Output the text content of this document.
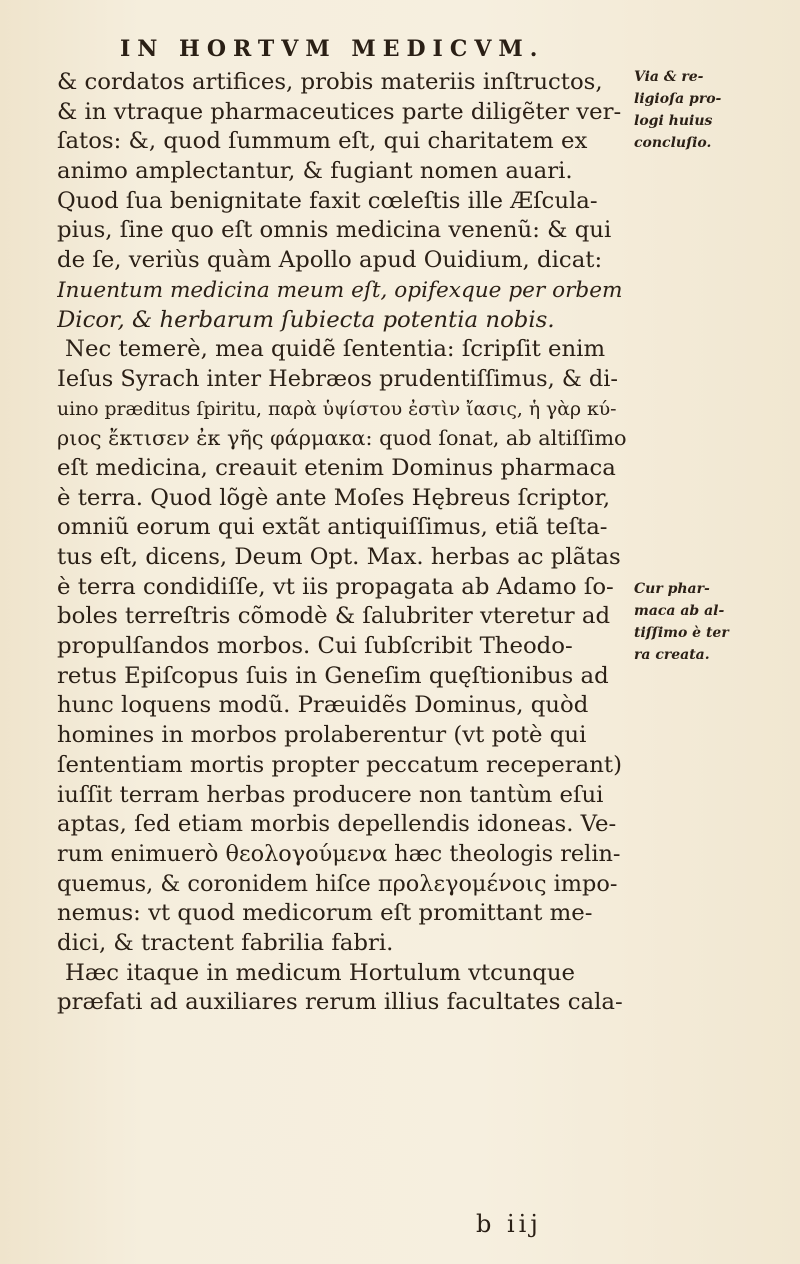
IN HORTVM MEDICVM.
& cordatos artifices, probis materiis inſtructos,
& in vtraque pharmaceutices parte diligẽter ver-
ſatos: &, quod ſummum eſt, qui charitatem ex
animo amplectantur, & fugiant nomen auari.
Quod ſua benignitate faxit cœleſtis ille Æſcula-
pius, ſine quo eſt omnis medicina venenũ: & qui
de ſe, veriùs quàm Apollo apud Ouidium, dicat:
Inuentum medicina meum eſt, opifexque per orbem
Dicor, & herbarum ſubiecta potentia nobis.
Nec temerè, mea quidẽ ſententia: ſcripſit enim
Ieſus Syrach inter Hebræos prudentiſſimus, & di-
uino præditus ſpiritu, παρὰ ὑψίστου ἐστὶν ἴασις, ἡ γὰρ κύ-
ριος ἔκτισεν ἐκ γῆς φάρμακα: quod ſonat, ab altiſſimo
eſt medicina, creauit etenim Dominus pharmaca
è terra. Quod lõgè ante Moſes Hębreus ſcriptor,
omniũ eorum qui extãt antiquiſſimus, etiã teſta-
tus eſt, dicens, Deum Opt. Max. herbas ac plãtas
è terra condidiſſe, vt iis propagata ab Adamo ſo-
boles terreſtris cõmodè & ſalubriter vteretur ad
propulſandos morbos. Cui ſubſcribit Theodo-
retus Epiſcopus ſuis in Geneſim quęſtionibus ad
hunc loquens modũ. Præuidẽs Dominus, quòd
homines in morbos prolaberentur (vt potè qui
ſententiam mortis propter peccatum receperant)
iuſſit terram herbas producere non tantùm eſui
aptas, ſed etiam morbis depellendis idoneas. Ve-
rum enimuerò θεολογούμενα hæc theologis relin-
quemus, & coronidem hiſce προλεγομένοις impo-
nemus: vt quod medicorum eſt promittant me-
dici, & tractent fabrilia fabri.
Hæc itaque in medicum Hortulum vtcunque
præfati ad auxiliares rerum illius facultates cala-
Via & re-
ligioſa pro-
logi huius
concluſio.
Cur phar-
maca ab al-
tiſſimo è ter
ra creata.
b iij
